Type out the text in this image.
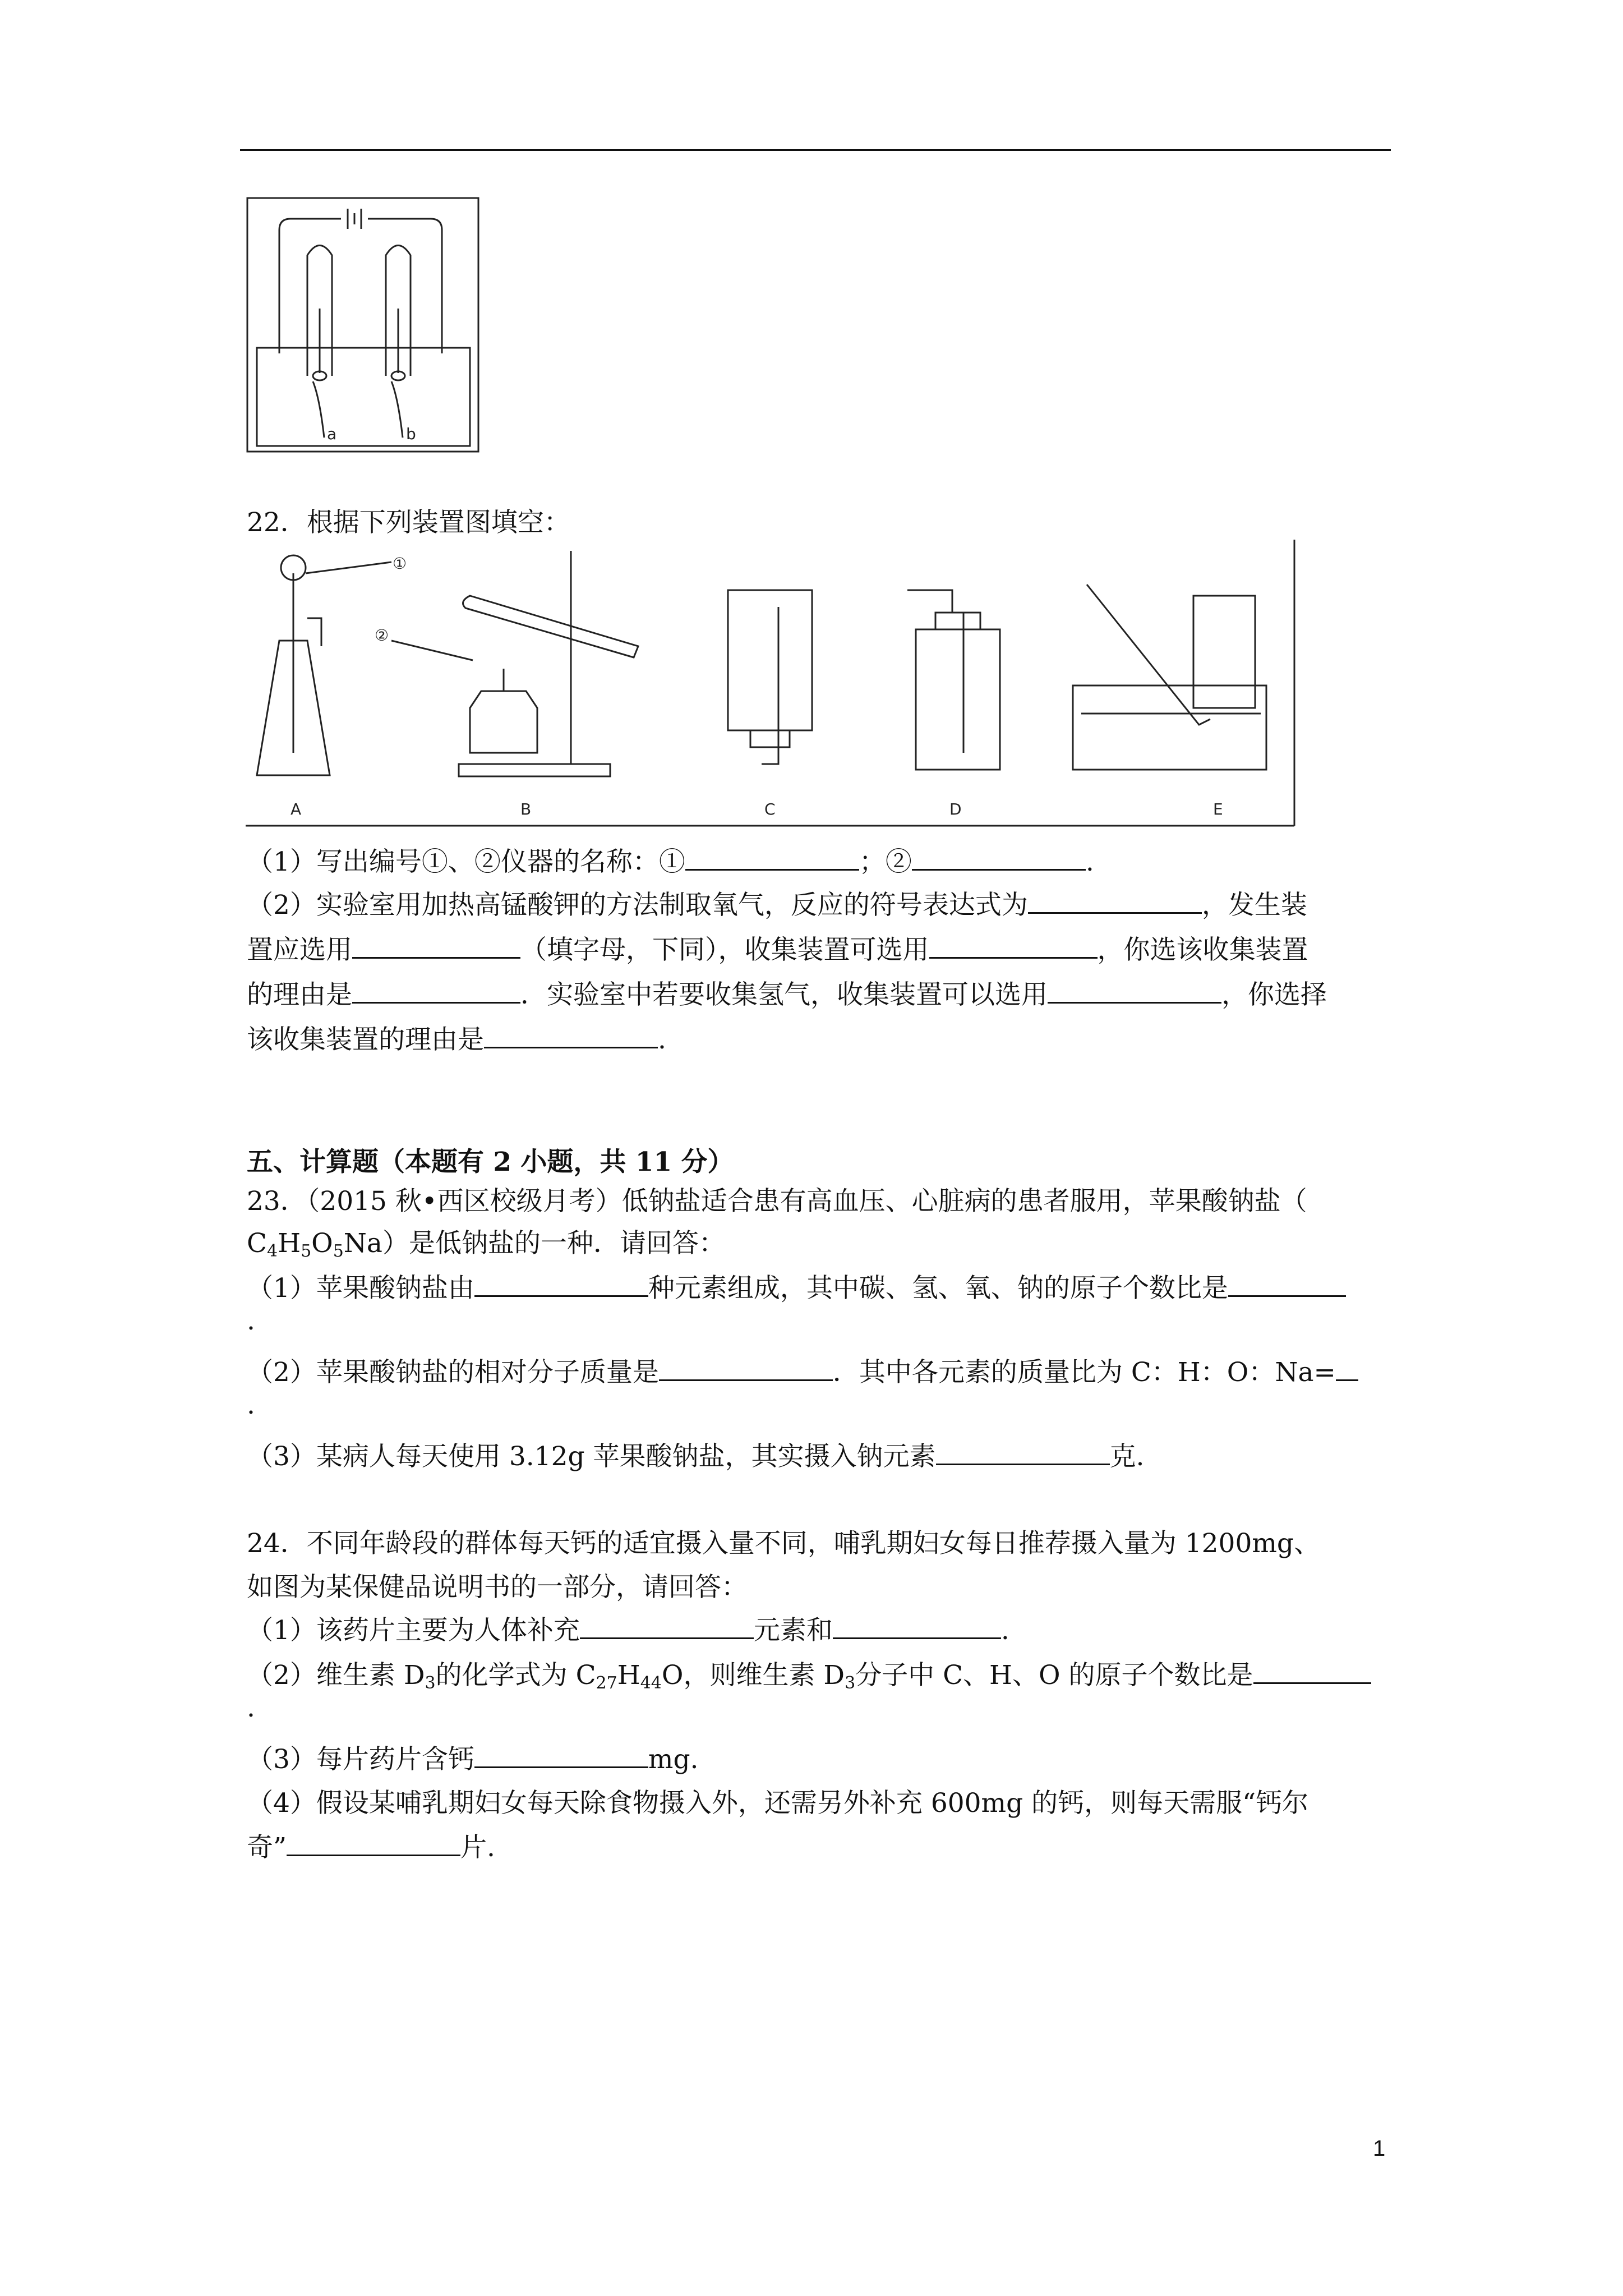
a	b
22．根据下列装置图填空：
①
A
②
B	C	D	E
（1）写出编号①、②仪器的名称：①	；②	.
（2）实验室用加热高锰酸钾的方法制取氧气，反应的符号表达式为	，发生装
置应选用	（填字母，下同），收集装置可选用	，你选该收集装置
的理由是	．实验室中若要收集氢气，收集装置可以选用	，你选择
该收集装置的理由是	.
五、计算题（本题有 2 小题，共 11 分）
23．（2015 秋•西区校级月考）低钠盐适合患有高血压、心脏病的患者服用，苹果酸钠盐（
$C_4H_5O_5Na$）是低钠盐的一种．请回答：
（1）苹果酸钠盐由	种元素组成，其中碳、氢、氧、钠的原子个数比是
.
（2）苹果酸钠盐的相对分子质量是	．其中各元素的质量比为 C：H：O：Na=
.
（3）某病人每天使用 3.12g 苹果酸钠盐，其实摄入钠元素	克.
24．不同年龄段的群体每天钙的适宜摄入量不同，哺乳期妇女每日推荐摄入量为 1200mg、
如图为某保健品说明书的一部分，请回答：
（1）该药片主要为人体补充	元素和	.
（2）维生素 $D_3$的化学式为 $C_{27}H_{44}O$，则维生素 $D_3$分子中 C、H、O 的原子个数比是
.
（3）每片药片含钙	mg.
（4）假设某哺乳期妇女每天除食物摄入外，还需另外补充 600mg 的钙，则每天需服“钙尔
奇”	片.
1
